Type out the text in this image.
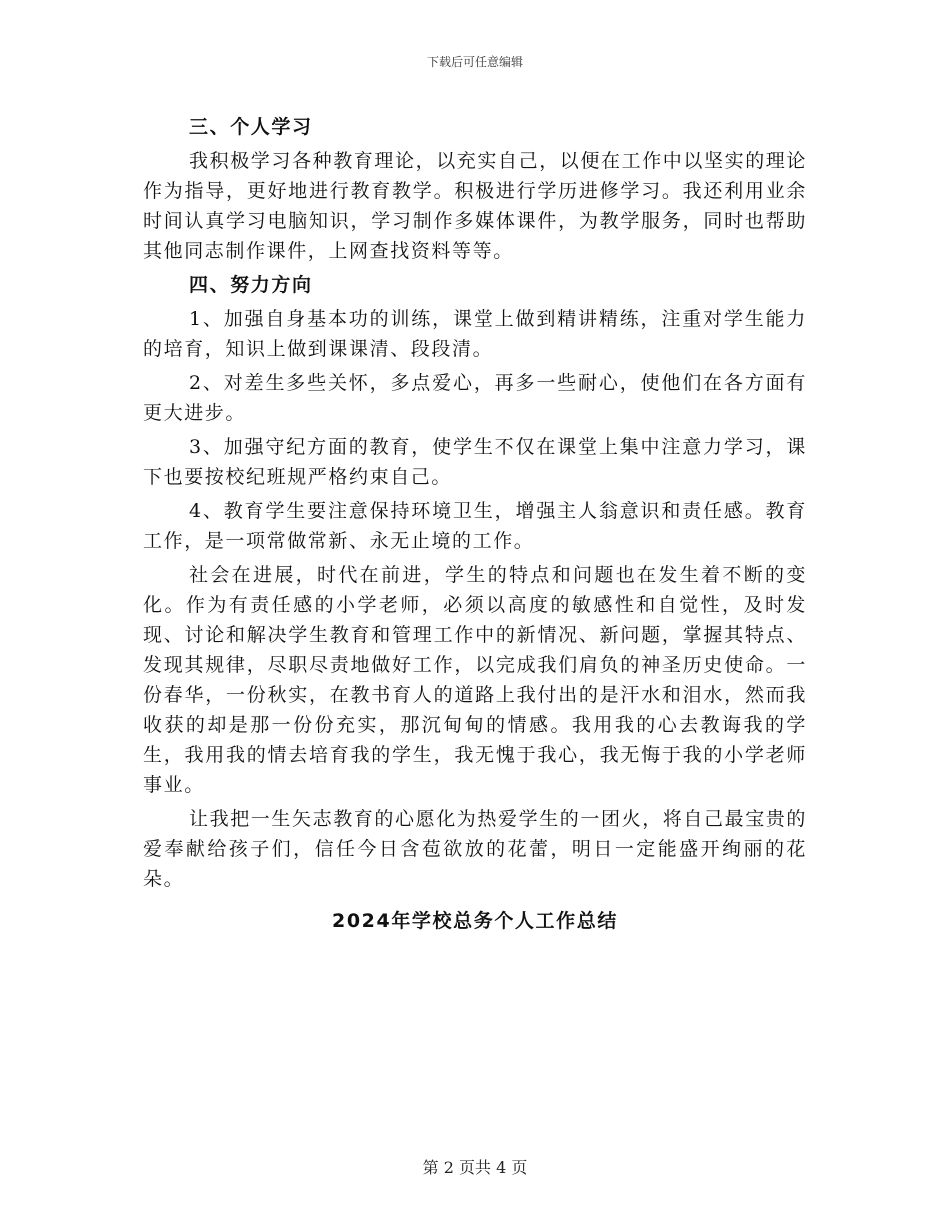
下载后可任意编辑
三、个人学习

我积极学习各种教育理论，以充实自己，以便在工作中以坚实的理论作为指导，更好地进行教育教学。积极进行学历进修学习。我还利用业余时间认真学习电脑知识，学习制作多媒体课件，为教学服务，同时也帮助其他同志制作课件，上网查找资料等等。

四、努力方向

1、加强自身基本功的训练，课堂上做到精讲精练，注重对学生能力的培育，知识上做到课课清、段段清。

2、对差生多些关怀，多点爱心，再多一些耐心，使他们在各方面有更大进步。

3、加强守纪方面的教育，使学生不仅在课堂上集中注意力学习，课下也要按校纪班规严格约束自己。

4、教育学生要注意保持环境卫生，增强主人翁意识和责任感。教育工作，是一项常做常新、永无止境的工作。

社会在进展，时代在前进，学生的特点和问题也在发生着不断的变化。作为有责任感的小学老师，必须以高度的敏感性和自觉性，及时发现、讨论和解决学生教育和管理工作中的新情况、新问题，掌握其特点、发现其规律，尽职尽责地做好工作，以完成我们肩负的神圣历史使命。一份春华，一份秋实，在教书育人的道路上我付出的是汗水和泪水，然而我收获的却是那一份份充实，那沉甸甸的情感。我用我的心去教诲我的学生，我用我的情去培育我的学生，我无愧于我心，我无悔于我的小学老师事业。

让我把一生矢志教育的心愿化为热爱学生的一团火，将自己最宝贵的爱奉献给孩子们，信任今日含苞欲放的花蕾，明日一定能盛开绚丽的花朵。

2024年学校总务个人工作总结
第 2 页共 4 页
